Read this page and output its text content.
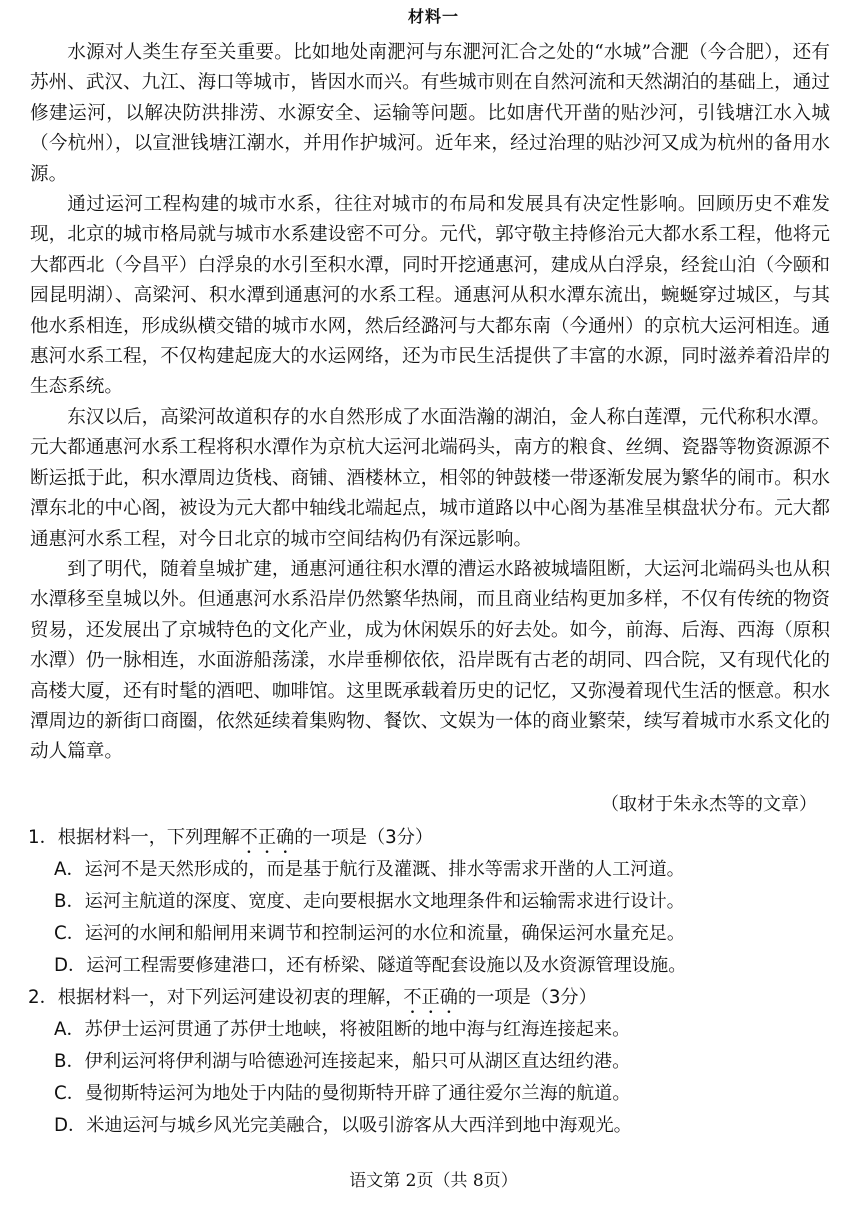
材料一

水源对人类生存至关重要。比如地处南淝河与东淝河汇合之处的“水城”合淝（今合肥），还有苏州、武汉、九江、海口等城市，皆因水而兴。有些城市则在自然河流和天然湖泊的基础上，通过修建运河，以解决防洪排涝、水源安全、运输等问题。比如唐代开凿的贴沙河，引钱塘江水入城（今杭州），以宣泄钱塘江潮水，并用作护城河。近年来，经过治理的贴沙河又成为杭州的备用水源。

通过运河工程构建的城市水系，往往对城市的布局和发展具有决定性影响。回顾历史不难发现，北京的城市格局就与城市水系建设密不可分。元代，郭守敬主持修治元大都水系工程，他将元大都西北（今昌平）白浮泉的水引至积水潭，同时开挖通惠河，建成从白浮泉，经瓮山泊（今颐和园昆明湖）、高梁河、积水潭到通惠河的水系工程。通惠河从积水潭东流出，蜿蜒穿过城区，与其他水系相连，形成纵横交错的城市水网，然后经潞河与大都东南（今通州）的京杭大运河相连。通惠河水系工程，不仅构建起庞大的水运网络，还为市民生活提供了丰富的水源，同时滋养着沿岸的生态系统。

东汉以后，高梁河故道积存的水自然形成了水面浩瀚的湖泊，金人称白莲潭，元代称积水潭。元大都通惠河水系工程将积水潭作为京杭大运河北端码头，南方的粮食、丝绸、瓷器等物资源源不断运抵于此，积水潭周边货栈、商铺、酒楼林立，相邻的钟鼓楼一带逐渐发展为繁华的闹市。积水潭东北的中心阁，被设为元大都中轴线北端起点，城市道路以中心阁为基准呈棋盘状分布。元大都通惠河水系工程，对今日北京的城市空间结构仍有深远影响。

到了明代，随着皇城扩建，通惠河通往积水潭的漕运水路被城墙阻断，大运河北端码头也从积水潭移至皇城以外。但通惠河水系沿岸仍然繁华热闹，而且商业结构更加多样，不仅有传统的物资贸易，还发展出了京城特色的文化产业，成为休闲娱乐的好去处。如今，前海、后海、西海（原积水潭）仍一脉相连，水面游船荡漾，水岸垂柳依依，沿岸既有古老的胡同、四合院，又有现代化的高楼大厦，还有时髦的酒吧、咖啡馆。这里既承载着历史的记忆，又弥漫着现代生活的惬意。积水潭周边的新街口商圈，依然延续着集购物、餐饮、文娱为一体的商业繁荣，续写着城市水系文化的动人篇章。

（取材于朱永杰等的文章）
1．根据材料一，下列理解不正确的一项是（3分）
A．运河不是天然形成的，而是基于航行及灌溉、排水等需求开凿的人工河道。
B．运河主航道的深度、宽度、走向要根据水文地理条件和运输需求进行设计。
C．运河的水闸和船闸用来调节和控制运河的水位和流量，确保运河水量充足。
D．运河工程需要修建港口，还有桥梁、隧道等配套设施以及水资源管理设施。
2．根据材料一，对下列运河建设初衷的理解，不正确的一项是（3分）
A．苏伊士运河贯通了苏伊士地峡，将被阻断的地中海与红海连接起来。
B．伊利运河将伊利湖与哈德逊河连接起来，船只可从湖区直达纽约港。
C．曼彻斯特运河为地处于内陆的曼彻斯特开辟了通往爱尔兰海的航道。
D．米迪运河与城乡风光完美融合，以吸引游客从大西洋到地中海观光。
语文第 2页（共 8页）
